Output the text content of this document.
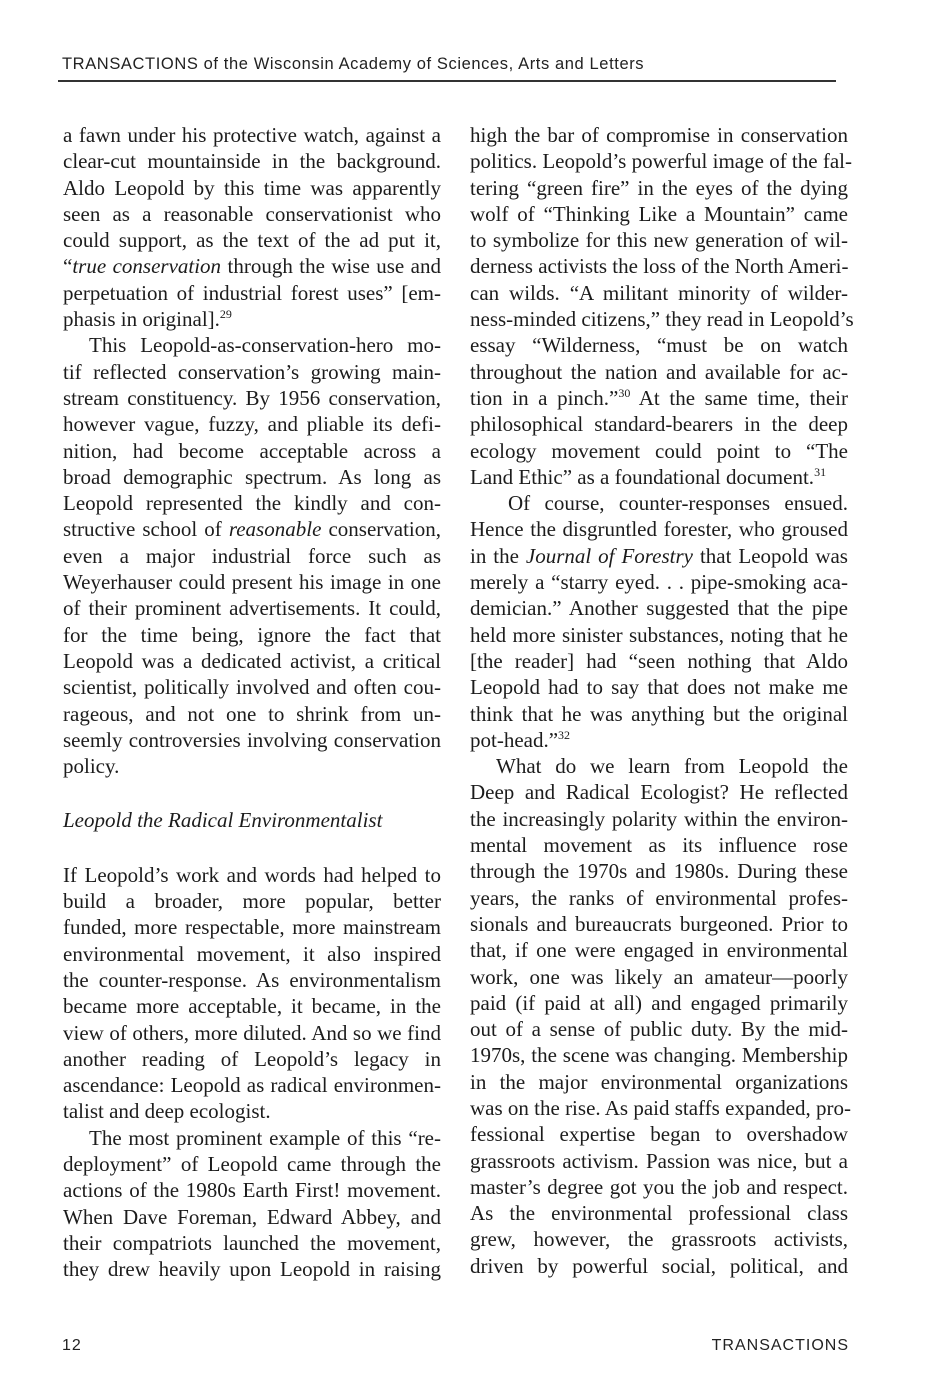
TRANSACTIONS of the Wisconsin Academy of Sciences, Arts and Letters
a fawn under his protective watch, against a
clear-cut mountainside in the background.
Aldo Leopold by this time was apparently
seen as a reasonable conservationist who
could support, as the text of the ad put it,
“true conservation through the wise use and
perpetuation of industrial forest uses” [em-
phasis in original].$^{29}$
This Leopold-as-conservation-hero mo-
tif reflected conservation’s growing main-
stream constituency. By 1956 conservation,
however vague, fuzzy, and pliable its defi-
nition, had become acceptable across a
broad demographic spectrum. As long as
Leopold represented the kindly and con-
structive school of reasonable conservation,
even a major industrial force such as
Weyerhauser could present his image in one
of their prominent advertisements. It could,
for the time being, ignore the fact that
Leopold was a dedicated activist, a critical
scientist, politically involved and often cou-
rageous, and not one to shrink from un-
seemly controversies involving conservation
policy.
Leopold the Radical Environmentalist
If Leopold’s work and words had helped to
build a broader, more popular, better
funded, more respectable, more mainstream
environmental movement, it also inspired
the counter-response. As environmentalism
became more acceptable, it became, in the
view of others, more diluted. And so we find
another reading of Leopold’s legacy in
ascendance: Leopold as radical environmen-
talist and deep ecologist.
The most prominent example of this “re-
deployment” of Leopold came through the
actions of the 1980s Earth First! movement.
When Dave Foreman, Edward Abbey, and
their compatriots launched the movement,
they drew heavily upon Leopold in raising
high the bar of compromise in conservation
politics. Leopold’s powerful image of the fal-
tering “green fire” in the eyes of the dying
wolf of “Thinking Like a Mountain” came
to symbolize for this new generation of wil-
derness activists the loss of the North Ameri-
can wilds. “A militant minority of wilder-
ness-minded citizens,” they read in Leopold’s
essay “Wilderness, “must be on watch
throughout the nation and available for ac-
tion in a pinch.”$^{30}$ At the same time, their
philosophical standard-bearers in the deep
ecology movement could point to “The
Land Ethic” as a foundational document.$^{31}$
Of course, counter-responses ensued.
Hence the disgruntled forester, who groused
in the Journal of Forestry that Leopold was
merely a “starry eyed. . . pipe-smoking aca-
demician.” Another suggested that the pipe
held more sinister substances, noting that he
[the reader] had “seen nothing that Aldo
Leopold had to say that does not make me
think that he was anything but the original
pot-head.”$^{32}$
What do we learn from Leopold the
Deep and Radical Ecologist? He reflected
the increasingly polarity within the environ-
mental movement as its influence rose
through the 1970s and 1980s. During these
years, the ranks of environmental profes-
sionals and bureaucrats burgeoned. Prior to
that, if one were engaged in environmental
work, one was likely an amateur—poorly
paid (if paid at all) and engaged primarily
out of a sense of public duty. By the mid-
1970s, the scene was changing. Membership
in the major environmental organizations
was on the rise. As paid staffs expanded, pro-
fessional expertise began to overshadow
grassroots activism. Passion was nice, but a
master’s degree got you the job and respect.
As the environmental professional class
grew, however, the grassroots activists,
driven by powerful social, political, and
12	TRANSACTIONS
